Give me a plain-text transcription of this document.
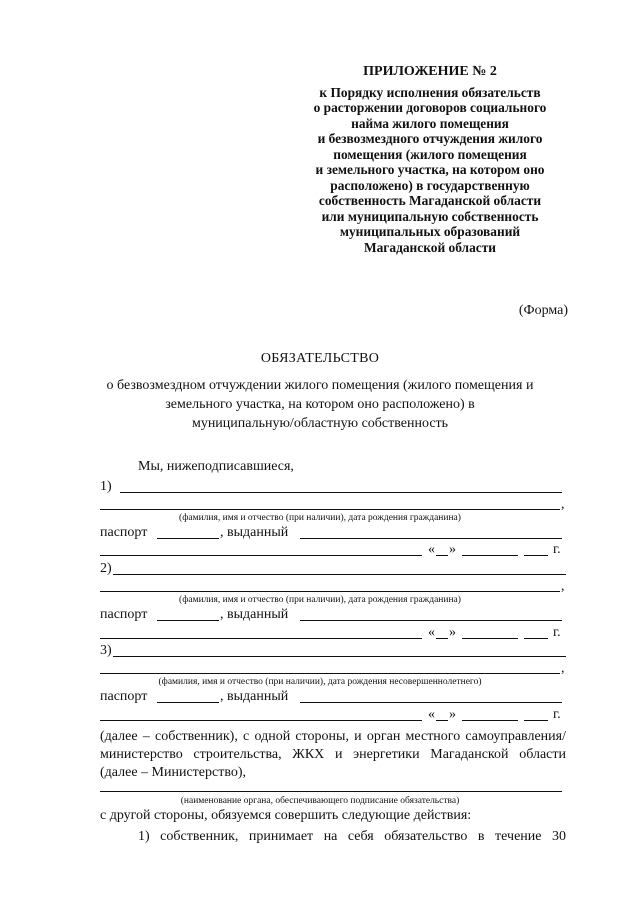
ПРИЛОЖЕНИЕ № 2
к Порядку исполнения обязательств
о расторжении договоров социального
найма жилого помещения
и безвозмездного отчуждения жилого
помещения (жилого помещения
и земельного участка, на котором оно
расположено) в государственную
собственность Магаданской области
или муниципальную собственность
муниципальных образований
Магаданской области
(Форма)
ОБЯЗАТЕЛЬСТВО
о безвозмездном отчуждении жилого помещения (жилого помещения и
земельного участка, на котором оно расположено) в
муниципальную/областную собственность
Мы, нижеподписавшиеся,
1)
,
(фамилия, имя и отчество (при наличии), дата рождения гражданина)
паспорт	, выданный
« »	г.
2)
,
(фамилия, имя и отчество (при наличии), дата рождения гражданина)
паспорт	, выданный
« »	г.
3)
,
(фамилия, имя и отчество (при наличии), дата рождения несовершеннолетнего)
паспорт	, выданный
« »	г.
(далее – собственник), с одной стороны, и орган местного самоуправления/
министерство строительства, ЖКХ и энергетики Магаданской области
(далее – Министерство),
(наименование органа, обеспечивающего подписание обязательства)
с другой стороны, обязуемся совершить следующие действия:
1) собственник, принимает на себя обязательство в течение 30
